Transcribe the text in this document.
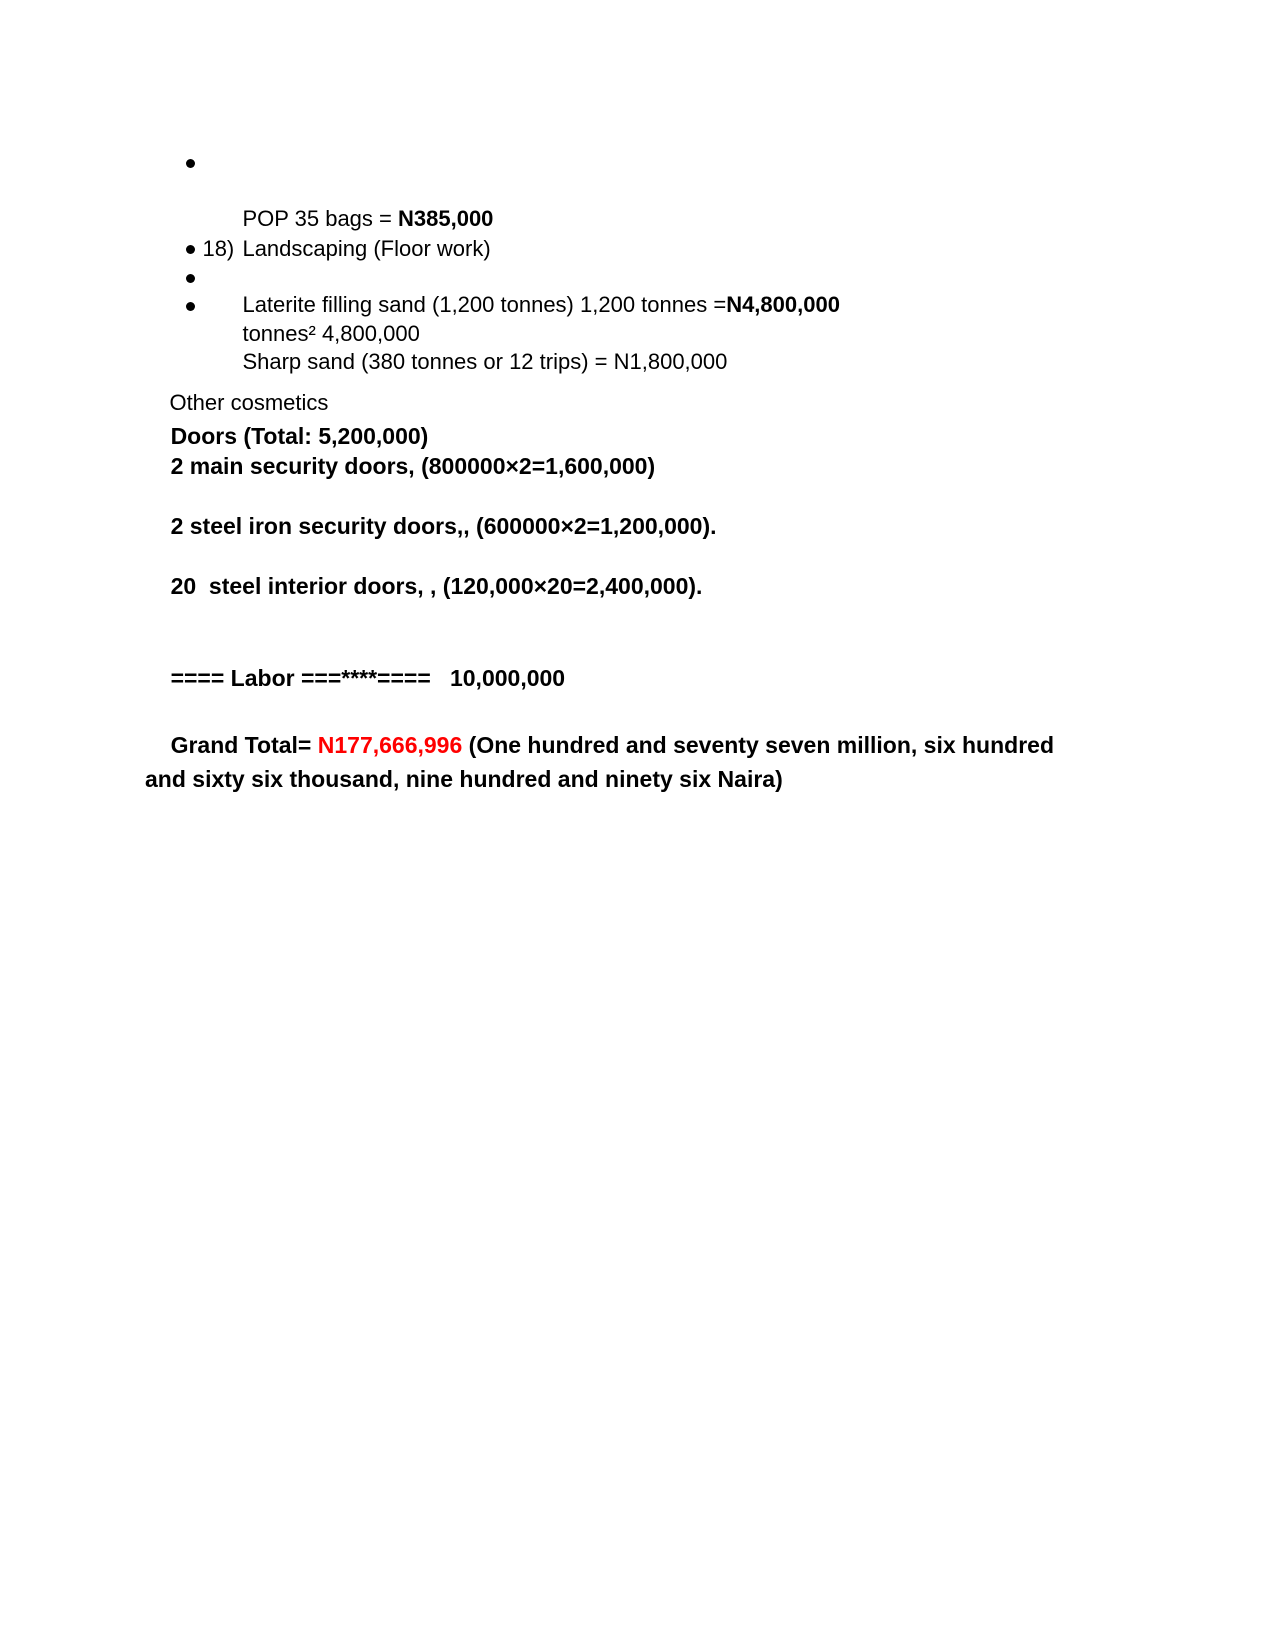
POP 35 bags = N385,000

18) Landscaping (Floor work)

Laterite filling sand (1,200 tonnes) 1,200 tonnes =N4,800,000

tonnes² 4,800,000

Sharp sand (380 tonnes or 12 trips) = N1,800,000

Other cosmetics

Doors (Total: 5,200,000)

2 main security doors, (800000×2=1,600,000)

2 steel iron security doors,, (600000×2=1,200,000).

20  steel interior doors, , (120,000×20=2,400,000).

==== Labor ===****====   10,000,000

Grand Total= N177,666,996 (One hundred and seventy seven million, six hundred and sixty six thousand, nine hundred and ninety six Naira)
